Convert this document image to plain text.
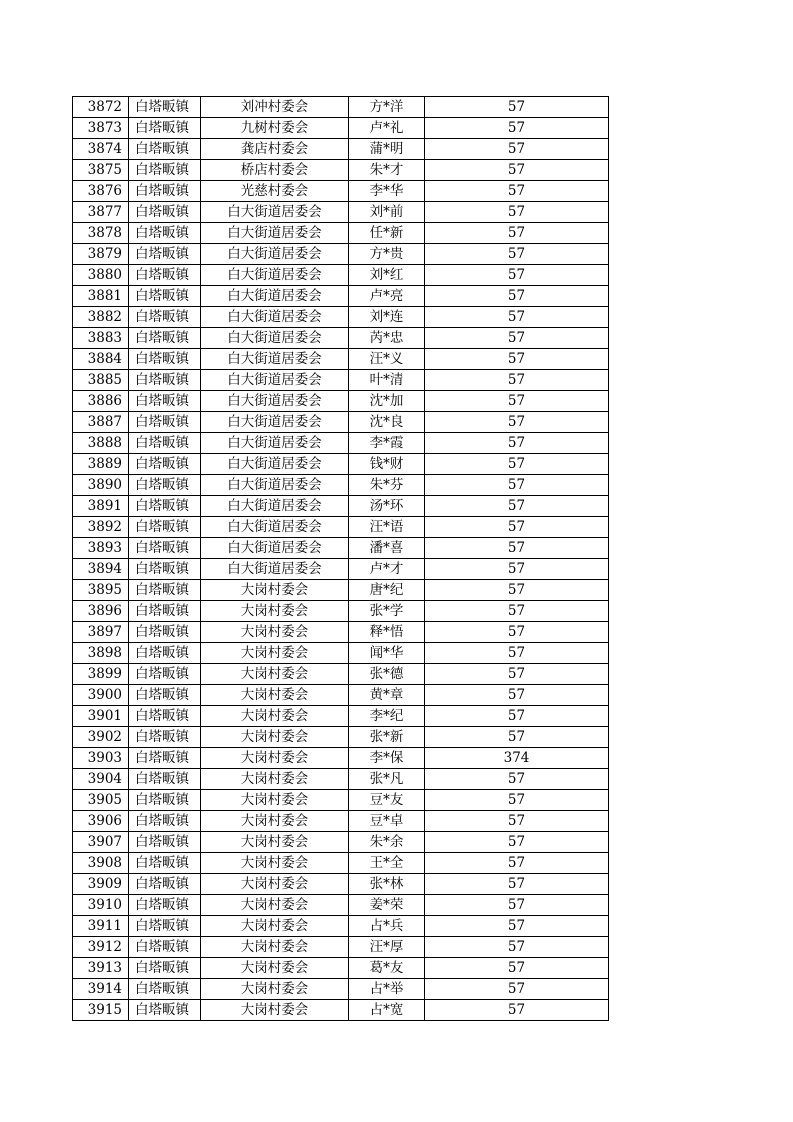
3872	白塔畈镇	刘冲村委会	方*洋	57
3873	白塔畈镇	九树村委会	卢*礼	57
3874	白塔畈镇	龚店村委会	蒲*明	57
3875	白塔畈镇	桥店村委会	朱*才	57
3876	白塔畈镇	光慈村委会	李*华	57
3877	白塔畈镇	白大街道居委会	刘*前	57
3878	白塔畈镇	白大街道居委会	任*新	57
3879	白塔畈镇	白大街道居委会	方*贵	57
3880	白塔畈镇	白大街道居委会	刘*红	57
3881	白塔畈镇	白大街道居委会	卢*亮	57
3882	白塔畈镇	白大街道居委会	刘*连	57
3883	白塔畈镇	白大街道居委会	芮*忠	57
3884	白塔畈镇	白大街道居委会	汪*义	57
3885	白塔畈镇	白大街道居委会	叶*清	57
3886	白塔畈镇	白大街道居委会	沈*加	57
3887	白塔畈镇	白大街道居委会	沈*良	57
3888	白塔畈镇	白大街道居委会	李*霞	57
3889	白塔畈镇	白大街道居委会	钱*财	57
3890	白塔畈镇	白大街道居委会	朱*芬	57
3891	白塔畈镇	白大街道居委会	汤*环	57
3892	白塔畈镇	白大街道居委会	汪*语	57
3893	白塔畈镇	白大街道居委会	潘*喜	57
3894	白塔畈镇	白大街道居委会	卢*才	57
3895	白塔畈镇	大岗村委会	唐*纪	57
3896	白塔畈镇	大岗村委会	张*学	57
3897	白塔畈镇	大岗村委会	释*悟	57
3898	白塔畈镇	大岗村委会	闻*华	57
3899	白塔畈镇	大岗村委会	张*德	57
3900	白塔畈镇	大岗村委会	黄*章	57
3901	白塔畈镇	大岗村委会	李*纪	57
3902	白塔畈镇	大岗村委会	张*新	57
3903	白塔畈镇	大岗村委会	李*保	374
3904	白塔畈镇	大岗村委会	张*凡	57
3905	白塔畈镇	大岗村委会	豆*友	57
3906	白塔畈镇	大岗村委会	豆*卓	57
3907	白塔畈镇	大岗村委会	朱*余	57
3908	白塔畈镇	大岗村委会	王*全	57
3909	白塔畈镇	大岗村委会	张*林	57
3910	白塔畈镇	大岗村委会	姜*荣	57
3911	白塔畈镇	大岗村委会	占*兵	57
3912	白塔畈镇	大岗村委会	汪*厚	57
3913	白塔畈镇	大岗村委会	葛*友	57
3914	白塔畈镇	大岗村委会	占*举	57
3915	白塔畈镇	大岗村委会	占*宽	57
